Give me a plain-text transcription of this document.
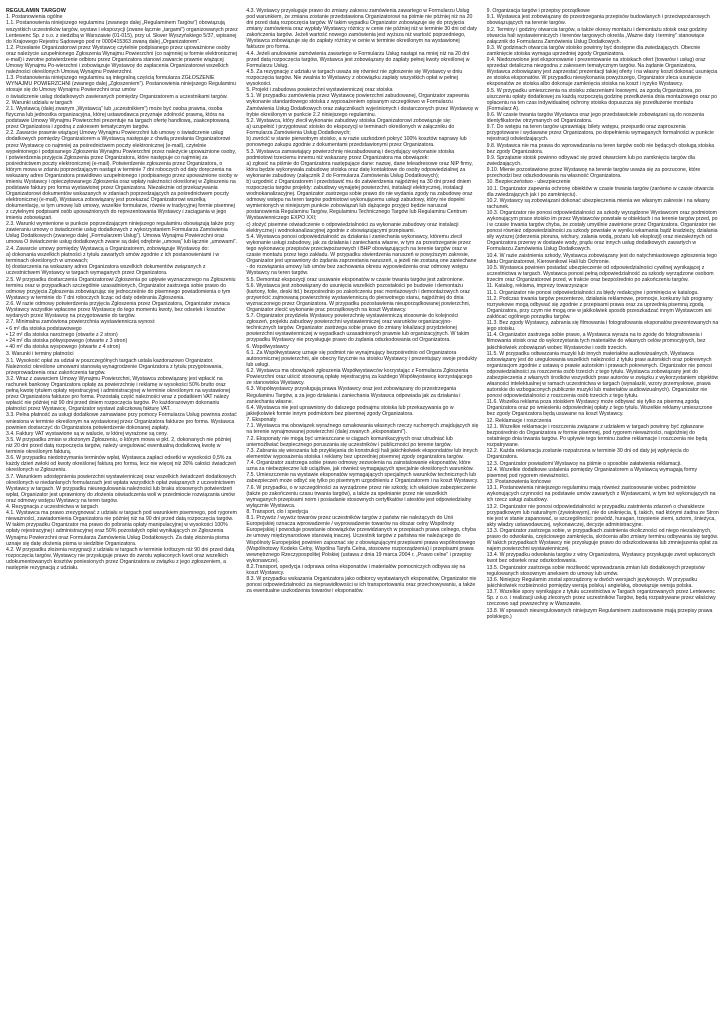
REGULAMIN TARGÓW

1. Postanowienia ogólne

1.1. Postanowienia niniejszego regulaminu (zwanego dalej „Regulaminem Targów”) obowiązują wszystkich uczestników targów, wystaw i ekspozycji (zwane łącznie „targami”) organizowanych przez Lentewenc Sp. z o.o. z siedzibą w Warszawie (01-015), przy ul. Skwer Wyszyńskiego 5/37, wpisanej do Krajowego Rejestru Sądowego pod nr 0000415363 zwaną dalej „Organizatorem”.

1.2. Przesłanie Organizatorowi przez Wystawcę czytelnie podpisanego przez upoważnione osoby oraz należycie uzupełnionego Zgłoszenia Wynajmu Powierzchni (co najmniej w formie elektronicznej e-mail) i zwrotne potwierdzenie odbioru przez Organizatora stanowi zawarcie prawnie wiążącej Umowy Wynajmu Po-wierzchni i zobowiązuje Wystawcę do zapłacenia Organizatorowi wszelkich należności określonych Umową Wynajmu Powierzchni.

1.3. Postanowienia niniejszego regulaminu są integralną częścią formularza ZGŁOSZENIE WYNAJMU POWIERZCHNI (zwanego dalej „Zgłoszeniem”). Postanowienia niniejszego Regulaminu stosuje się do Umowy Wynajmu Powierzchni oraz umów

o świadczenie usług dodatkowych zawieranych pomiędzy Organizatorem a uczestnikami targów.

2. Warunki udziału w targach

2.1. Wystawcą (dalej zwanym „Wystawcą” lub „uczestnikiem”) może być osoba prawna, osoba fizyczna lub jednostka organizacyjna, której ustawodawca przyznaje zdolność prawną, która na podstawie Umowy Wynajmu Powierzchni prezentuje na targach ofertę handlową, zaakceptowaną przez Organizatora i zgodną z zakresem tematycznym targów.

2.2. Zawarcie prawnie wiążącej Umowy Wynajmu Powierzchni lub umowy o świadczenie usług dodatkowych pomiędzy Organizatorem a Wystawcą następuje z chwilą przesłania Organizatorowi przez Wystawcę co najmniej za pośrednictwem poczty elektronicznej (e-mail), czytelnie wypełnionego i podpisanego Zgłoszenia Wynajmu Powierzchni przez należycie upoważnione osoby, i potwierdzenia przyjęcia Zgłoszenia przez Organizatora, które następuje co najmniej za pośrednictwem poczty elektronicznej (e-mail). Potwierdzenie zgłoszenia przez Organizatora, o którym mowa w zdaniu poprzedzającym nastąpi w terminie 7 dni roboczych od daty doręczenia na wskazany adres Organizatora prawidłowo uzupełnionego i podpisanego przez upoważnione osoby w imieniu Wystawcy i opieczętowanego Zgłoszenia oraz wpłaty należności określonej w Zgłoszeniu na podstawie faktury pro forma wystawionej przez Organizatora. Niezależnie od przekazywania Organizatorowi dokumentów wskazanych w zdaniach poprzedzających za pośrednictwem poczty elektronicznej (e-mail), Wystawca zobowiązany jest przekazać Organizatorowi wszelką dokumentację, w tym umowę lub umowy, wszelkie formularze, równie w tradycyjnej formie pisemnej z czytelnymi podpisami osób upoważnionych do reprezentowania Wystawcy i zaciągania w jego imieniu zobowiązań.

2.3. Warunki wymienione w punkcie poprzedzającym niniejszego regulaminu obowiązują także przy zawieraniu umowy o świadczenie usług dodatkowych z wykorzystaniem Formularza Zamówienia Usług Dodatkowych (zwanego dalej „Formularzem Usług”). Umowa Wynajmu Powierzchni oraz umowa O świadczenie usług dodatkowych zwane są dalej odrębnie „umową” lub łącznie „umowami”.

2.4. Zawarcie umowy pomiędzy Wystawcą a Organizatorem, zobowiązuje Wystawcę do:

a) dokonania wszelkich płatności z tytułu zawartych umów zgodnie z ich postanowieniami i w terminach określonych w umowach;

b) dostarczenia na wskazany adres Organizatora wszelkich dokumentów związanych z uczestnictwem Wystawcy w targach wymaganych przez Organizatora.

2.5. W przypadku dostarczenia Organizatorowi Zgłoszenia po upływie wyznaczonego na Zgłoszeniu terminu oraz w przypadkach szczególnie uzasadnionych, Organizator zastrzega sobie prawo do odmowy przyjęcia Zgłoszenia zobowiązując się jednocześnie do pisemnego powiadomienia o tym Wystawcy w terminie do 7 dni roboczych licząc od daty odebrania Zgłoszenia.

2.6. W razie odmowy potwierdzenia przyjęcia Zgłoszenia przez Organizatora, Organizator zwraca Wystawcy wszystkie wpłacone przez Wystawcę do tego momentu kwoty, bez odsetek i kosztów wydanych przez Wystawcę na przygotowanie do targów.

2.7. Minimalna zamówiona powierzchnia wystawiennicza wynosi:

• 6 m² dla stoiska podstawowego
• 12 m² dla stoiska narożnego (otwarte z 2 stron)
• 24 m² dla stoiska półwyspowego (otwarte z 3 stron)
• 40 m² dla stoiska wyspowego (otwarte z 4 stron)

3. Warunki i terminy płatności

3.1. Wysokość opłat za udział w poszczególnych targach ustala kazdorazowo Organizator. Należności określone umowami stanowią wynagrodzenie Organizatora z tytułu przygotowania, przeprowadzenia oraz zakończenia targów.

3.2. Wraz z zawarciem Umowy Wynajmu Powierzchni, Wystawca zobowiązany jest wpłacić na rachunek bankowy Organizatora opłatę za powierzchnię i reklamę w wysokości 50% brutto oraz pełną kwotę tytułem opłaty rejestracyjnej i administracyjnej w terminie określonym na wystawionej przez Organizatora fakturze pro forma. Pozostałą część należności wraz z podatkiem VAT należy wpłacić nie później niż 90 dni przed dniem rozpoczęcia targów. Po każdorazowym dokonaniu płatności przez Wystawcę, Organizator wystawi zaliczkową fakturę VAT.

3.3. Pełna płatność za usługi dodatkowe zamawiane przy pomocy Formularza Usług powinna zostać wniesiona w terminie określonym na wystawionej przez Organizatora fakturze pro forma. Wystawca powinien dostarczyć do Organizatora potwierdzenie dokonanej zapłaty.

3.4. Faktury VAT wystawione są w walucie, w której wyrażone są ceny.

3.5. W przypadku zmian w złożonym Zgłoszeniu, o którym mowa w pkt. 2, dokonanych nie później niż 20 dni przed datą rozpoczęcia targów, należy uregulować ewentualną dodatkową kwotę w terminie określonym fakturą.

3.6. W przypadku niedotrzymania terminów wpłat, Wystawca zapłaci odsetki w wysokości 0,5% za każdy dzień zwłoki od kwoty określonej fakturą pro forma, lecz nie więcej niż 30% całości świadczeń określonych w Zgłoszeniu.

3.7. Warunkiem udostępnienia powierzchni wystawienniczej oraz wszelkich świadczeń dodatkowych określonych w niedanlanych formularzach jest wpłata wszystkich opłat związanych z uczestnictwem Wystawcy w targach. W przypadku nieuregulowania należności lub braku stosownych potwierdzeń wpłat, Organizator jest uprawniony do złożenia oświadczenia woli w przedmiocie rozwiązania umów oraz odmowy wstępu Wystawcy na teren targów.

4. Rezygnacja z uczestnictwa w targach

4.1. Wystawca ma prawo zrezygnować z udziału w targach pod warunkiem pisemnego, pod rygorem nieważności, zawiadomienia Organizatora nie później niż na 90 dni przed datą rozpoczęcia targów. W takim przypadku Organizator ma prawo do pobrania opłaty manipulacyjnej w wysokości 100% opłaty rejestracyjnej i administracyjnej oraz 50% pozostałych opłat wynikających ze Zgłoszenia Wynajmu Powierzchni oraz Formularza Zamówienia Usług Dodatkowych. Za datę złożenia pisma uznaje się datę złożenia pisma w siedzibie Organizatora.

4.2. W przypadku złożenia rezygnacji z udziału w targach w terminie krótszym niż 90 dni przed datą rozpoczęcia targów, Wystawcy nie przysługuje prawo do zwrotu wpłaconych kwot oraz wszelkich udokumentowanych kosztów poniesionych przez Organizatora w związku z jego zgłoszeniem, a następnie rezygnacją z udziału.

4.3. Wystawcy przysługuje prawo do zmiany zakresu zamówienia zawartego w Formularzu Usług pod warunkiem, że zmiana zostanie przedstawiona Organizatorowi na piśmie nie później niż na 20 dni przed datą rozpoczęcia targów. W takim wypadku Organizator zobowiązuje się do przyjęcia zmiany zamówienia oraz wypłaty Wystawcy różnicy w cenie nie później niż w terminie 30 dni od daty zakończenia targów. Jeżeli wartość nowego zamówienia jest wyższa niż wartość poprzedniego, Wystawca zobowiązuje się do zapłaty różnicy w cenie w terminie określonym na wystawionej fakturze pro forma.

4.4. Jeżeli anulowanie zamówienia zawartego w Formularzu Usług nastąpi na mniej niż na 20 dni przed datą rozpoczęcia targów, Wystawca jest zobowiązany do zapłaty pełnej kwoty określonej w Formularzu Usług.

4.5. Za rezygnację z udziału w targach uważa się również nie zgłoszenie się Wystawcy w dniu rozpoczęcia targów. Nie zwalnia to Wystawcy z obowiązku zapłaty wszystkich opłat w pełnej wysokości.

5. Projekt i zabudowa powierzchni wystawienniczej oraz stoiska

5.1. W przypadku zamówienia przez Wystawcę powierzchni zabudowanej, Organizator zapewnia wykonanie standardowego stoiska z wyposażeniem opisanym szczegółowo w Formularzu Zamówienia Usług Dodatkowych oraz załącznikach wyjeśnionych i dostarczonych przez Wystawcę w trybie określonym w punkcie 2.2 niniejszego regulaminu.

5.2. Wystawca, który zlecił wykonanie zabudowy stoiska Organizatorowi zobowiązuje się:

a) uzupełnić i przygotować stoisko do ekspozycji w terminach określonych w załączniku do Formularza Zamówienia Usług Dodatkowych;

b) zwrócić w stanie pierwotnym stoisko, a w razie uszkodzeń pokryć 100% kosztów naprawy lub ponownego zakupu zgodnie z dokumentami przedstawionymi przez Organizatora.

5.3. Wystawca zamawiający powierzchnię niezabudowaną i decydujący wykonanie stoiska podmiotowi trzeciemu innemu niż wskazany przez Organizatora ma obowiązek:

a) zgłosić na piśmie do Organizatora następujące dane: nazwę, dane teleadresowe oraz NIP firmy, która będzie wykonywała zabudowę stoiska oraz datę kontaktowe do osoby odpowiedzialnej za wykonanie zabudowy (załącznik 2 do Formularza Zamówienia Usług Dodatkowych);

b) uzgodnić z Organizatorem i przedstawić mu do zatwierdzenia najpóźniej na 30 dni przed dniem rozpoczęcia targów projekty: zabudowy wynajętej powierzchni, instalacji elektrycznej, instalacji wodnokanalizacyjnej. Organizator zastrzega sobie prawo do nie wydania zgody na zabudowę oraz odmowy wstępu na teren targów podmiotowi wykonującemu usługi zabudowy, który nie dopełni wymienionych w niniejszym punkcie zobowiązań lub dążącego przyjęci będzie naruszał postanowienia Regulaminu Targów, Regulaminu Technicznego Targów lub Regulaminu Centrum Wystawienniczego EXPO XXI;

c) złożyć pisemne oświadczenie o odpowiedzialności za wykonanie zabudowy oraz instalacji elektrycznej i wodnokanalizacyjnej zgodnie z obowiązującymi przepisami.

5.4. Wystawca ponosi odpowiedzialność za działania i zaniechania wykonawcy, któremu zlecił wykonanie usługi zabudowy, jak za działania i zaniechania własne, w tym za przestrzeganie przez tego wykonawcę przepisów przeciwpożarowych i BHP obowiązujących na terenie targów oraz w czasie montażu przez tego zakładu. W przypadku stwierdzenia naruszeń w powyższym zakresie, Organizator jest uprawniony do żądania zaprzestania naruszeń, a jeżeli nie zostaną one zaniechane - do rozwiązania umowy lub umów bez zachowania okresu wypowiedzenia oraz odmowy wstępu Wystawcy na teren targów.

5.5. Demontaż ekspozycji oraz usuwanie eksponatów w czasie trwania targów jest zabronione.

5.6. Wystawca jest zobowiązany do usunięcia wszelkich pozostałości po budowie i demontażu (kartony, folie, deski itd.) bezpośrednio po zakończeniu prac montażowych i demontażowych oraz przywrócić zajmowaną powierzchnię wystawienniczą do pierwotnego stanu, najpóźniej do dnia wyznaczonego przez Organizatora. W przypadku pozostawienia nieuporządkowanej powierzchni, Organizator zlecić wykonanie prac porządkowych na koszt Wystawcy.

5.7. Organizator przydzieła Wystawcy powierzchnię wystawienniczą stosownie do kolejności zgłoszeń, projektu zabudowy powierzchni wystawienniczej oraz warunków organizacyjno-technicznych targów. Organizator zastrzega sobie prawo do zmiany lokalizacji przydzielonej powierzchni wystawienniczej w wypadkach uzasadnionych prawnie lub organizacyjnych. W takim przypadku Wystawcy nie przysługuje prawo do żądania odszkodowania od Organizatora.

6. Współwystawcy

6.1. Za Współwystawcę uznaje się podmiot nie wynajmujący bezpośrednio od Organizatora autonomicznej powierzchni, ale obecny fizycznie na stoisku Wystawcy i prezentujący swoje produkty lub usługi.

6.2. Wystawca ma obowiązek zgłoszenia Współwystawców korzystając z Formularza Zgłoszenia Powierzchni oraz uiścić stosowną opłatę rejestracyjną za każdego Współwystawcę korzystającego ze stanowiska Wystawcy.

6.3. Współwystawcy przysługują prawa Wystawcy oraz jest zobowiązany do przestrzegania Regulaminu Targów, a za jego działania i zaniechania Wystawca odpowiada jak za działania i zaniechania własne.

6.4. Wystawca nie jest uprawniony do dalszego podnajmu stoiska lub przekazywania go w jakiejkolwiek formie innym podmiotom bez pisemnej zgody Organizatora.

7. Eksponaty

7.1. Wystawca ma obowiązek wyraźnego oznakowania własnych rzeczy ruchomych znajdujących się na terenie wynajmowanej powierzchni (dalej zwanych „eksponatami”).

7.2. Eksponaty nie mogą być umieszczane w ciągach komunikacyjnych oraz utrudniać lub uniemożliwiać bezpiecznego poruszania się uczestników i publiczności po terenie targów.

7.3. Zabrania się wieszania lub przyklejania do konstrukcji hali jakichkolwiek ekspondatów lub innych elementów wyposażenia stoiska i reklamy bez uprzedniej pisemnej zgody organizatora targów.

7.4. Organizator zastrzega sobie prawo odmowy zezwolenia na zainstalowanie eksponatów, które uzna za niebezpieczne lub uciążliwe, jak również wymagających specjalnie określonych warunków.

7.5. Umieszczenie na wystawie eksponatów wymagających specjalnych warunków technicznych lub zabezpieczeń może odbyć się tylko po pisemnym uzgodnieniu z Organizatorem i na koszt Wystawcy.

7.6. W przypadku, o w szczególności za wyrządzone przez nie szkody, ich właściwe zabezpieczenie (także po zakończeniu czasu trwania targów), a także za spełnianie przez nie wszelkich wymaganych przepisami norm i posiadanie stosownych certyfikatów i atestów jest odpowiedzialny wyłącznie Wystawca.

8. Transport, cło i spedycja

8.1. Przywóz / wywóz towarów przez uczestników targów z państw nie należących do Unii Europejskiej oznacza wprowadzenie / wyprowadzenie towarów na obszar celny Wspólnoty Europejskiej i powoduje powstanie obowiązków przewidzianych w przepisach prawa celnego, chyba że umowy międzynarodowe stanowią inaczej. Uczestnik targów z państwa nie należącego do Wspólnoty Europejskiej powinien zapoznać się z obowiązującymi przepisami prawa wspólnotowego (Wspólnotowy Kodeks Celny, Wspólna Taryfa Celna, stosowne rozporządzenia) i przepisami prawa wewnętrznego Rzeczypospolitej Polskiej (ustawa z dnia 19 marca 2004 r. „Prawo celne” i przepisy wykonawcze).

8.2.Transport, spedycja i odprawa celna eksponatów i materiałów pomocniczych odbywa się na koszt Wystawcy.

8.3. W przypadku wskazania Organizatora jako odbiorcy wystawianych eksponatów, Organizator nie ponosi odpowiedzialności za nieprawidłowości w ich transportowaniu oraz przechowywaniu, a także za ewentualne uszkodzenia towarów i eksponatów.

9. Organizacja targów i przepisy porządkowe

9.1. Wystawca jest zobowiązany do przestrzegania przepisów budowlanych i przeciwpożarowych obowiązujących na terenie targów.

9.2. Terminy i godziny otwarcia targów, a także okresy montażu i demontażu stoisk oraz godziny otwarcia hali wystawienniczych i terenów targowych określa „Ważne daty i terminy” stanowiące załącznik do Formularza Zamówienia Usług Dodatkowych.

9.3. W godzinach otwarcia targów stoisko powinny być dostępne dla zwiedzających. Obecnie zamknięcie stoiska wymaga uprzedniej zgody Organizatora.

9.4. Niedozwolone jest eksponowanie i prezentowanie na stoiskach ofert (towarów i usług) oraz sprzedaż detaliczna niezgodna z zakresem tematycznym targów. Na żądanie Organizatora, Wystawca zobowiązany jest zaprzestać prezentacji takiej oferty i na własny koszt dokonać usunięcia ze stoiska eksponatów. W przypadku niewykonania powyższego, Organizator zleca usunięcie eksponatów ze stoiska albo dokonuje zamknięcia stoiska na koszt i ryzyko Wystawcy.

9.5. W przypadku umieszczenia na stoisku zdarzeniami losowymi, za zgodą Organizatora, po uiszczeniu opłaty dodatkowej za każdą rozpoczętą godzinę przedłużenia dnia montażowego oraz po opłaceniu na ten czas indywidualnej ochrony stoiska dopuszcza się przedłużenie montażu (Formularz A).

9.6. W czasie trwania targów Wystawca oraz jego przedstawiciele zobowiązani są do noszenia identyfikatorów otrzymanych od Organizatora.

9.7. Do wstępu na teren targów uprawniają: bilety wstępu, przepustki oraz zaproszenia przygotowane i wydawane przez Organizatora, po dopełnieniu wymaganych formalności w punkcie rejestracji odwiedzających.

9.8. Wystawca nie ma prawa do wprowadzania na teren targów osób nie będących obsługą stoiska bez zgody Organizatora.

9.9. Sprzątanie stoisk powinno odbywać się przed otwarciem lub po zamknięciu targów dla zwiedzających.

9.10. Mienie pozostawione przez Wystawcę na terenie targów uważa się za porzucone, które przechodzi bez odszkodowania na własność Organizatora.

10. Bezpieczeństwo - ubezpieczenie

10.1. Organizator zapewnia ochronę obiektów w czasie trwania targów (zarówno w czasie otwarcia dla zwiedzających jak i po zamknięciu).

10.2. Wystawcy są zobowiązani dokonać ubezpieczenia mienia we własnym zakresie i na własny rachunek.

10.3. Organizator nie ponosi odpowiedzialności za szkody wyrządzone Wystawcom oraz podmiotom wykonującym prace stoisko im przez Wystawców powstałe w obiektach i na terenie targów przed, po i w czasie trwania targów chyba, że zostały umyślnie zawinione przez Organizatora. Organizator nie ponosi również odpowiedzialności za szkody powstałe w wyniku wkamania bądź kradzieży, działania siły wyższej (zderzenia pioruna, wichury, zalania wodą, pożaru lub eksplozji) oraz niezależnych od Organizatora przerwy w dostawie wody, prądu oraz innych usług dodatkowych zawartych w Formularzu Zamówienia Usług Dodatkowych.

10.4. W razie zaistnienia szkody, Wystawca zobowiązany jest do natychmiastowego zgłoszenia tego faktu Organizatorowi, Kierownikowi Hali lub Ochronie.

10.5. Wystawca powinien posiadać ubezpieczenie od odpowiedzialności cywilnej wynikającej z uczestnictwa w targach. Wystawca ponosi pełną odpowiedzialność za szkody wyrządzone osobom trzecim oraz Organizatorowi przed, w trakcie oraz bezpośrednio po zakończeniu targów.

11. Katalog, reklama, imprezy towarzyszące

11.1. Organizator nie ponosi odpowiedzialności za błędy redakcyjne i pominięcia w katalogu.

11.2. Podczas trwania targów prezenterze, działania reklamowe, promocje, konkursy lub programy rozrywkowe mogą odbywać się zgodnie z przepisami prawa oraz za uprzednią pisemną zgodą Organizatora, przy czym nie mogą one w jakikolwiek sposób przeszkadzać innym Wystawcom ani zakłócać ogólnego porządku targów.

11.3. Bez zgody Wystawcy, zabrania się filmowania i fotografowania eksponatów prezentowanych na jego stoisku.

11.4. Organizator zastrzega sobie prawo, a Wystawca wyraża na to zgodę do fotografowania i filmowania stoisk oraz do wykorzystania tych materiałów do własnych celów promocyjnych, bez jakichkolwiek zobowiązań wobec Wystawców i osób trzecich.

11.5. W przypadku odtwarzania muzyki lub innych materiałów audiowizualnych, Wystawca zobowiązany jest do uregulowania wszelkich należności z tytułu praw autorskich oraz pokrewnych organizacjom zgodnie z ustawą o prawie autorskim i prawach pokrewnych. Organizator nie ponosi odpowiedzialności za roszczenia osób trzecich z tego tytułu. Wystawca zobowiązany jest do zabezpieczenia z własnych środków wszystkich praw autorów w związku z wykorzystaniem objektów własności intelektualnej w ramach uczestnictwa w targach (wynalazki, wzory przemysłowe, prawa autorskie do wzbogaconych publicznie muzyki lub materiałów audiowizualnych). Organizator nie ponosi odpowiedzialności z roszczenia osób trzecich z tego tytułu.

11.6. Wszelka reklama poza stoiskiem Wystawcy może odbywać się tylko za pisemną zgodą Organizatora oraz po wniesieniu odpowiedniej opłaty z tego tytułu. Wszelkie reklamy umieszczone bez zgody Organizatora będą usuwane na koszt Wystawcy.

12. Reklamacje i roszczenia

12.1. Wszelkie reklamacje i roszczenia związane z udziałem w targach powinny być zgłaszane bezpośrednio do Organizatora w formie pisemnej, pod rygorem nieważności, najpóźniej do ostatniego dnia trwania targów. Po upływie tego terminu żadne reklamacje i roszczenia nie będą rozpatrywane.

12.2. Każda reklamacja zostanie rozpatrzona w terminie 30 dni od daty jej wpłynięcia do Organizatora.

12.3. Organizator powiadomi Wystawcę na piśmie o sposobie załatwienia reklamacji.

12.4. Wszelkie dodatkowe ustalenia pomiędzy Organizatorem a Wystawcą wymagają formy pisemnej pod rygorem nieważności.

13. Postanowienia końcowe

13.1. Postanowienia niniejszego regulaminu mają również zastosowanie wobec podmiotów wykonujących czynności na podstawie umów zawartych z Wystawcami, w tym też wykonujących na ich rzecz usługi zabudowy.

13.2. Organizator nie ponosi odpowiedzialności w przypadku zaistnienia zdarzeń o charakterze przypadkowym lub naturalnym (żywiołowym), nie do uniknięcia, tj. takich, nad którymi żadna ze Stron nie jest w stanie zapanować, w szczególności: powódź, huragan, trzęsienie ziemi, sztorm, śnieżyca, akty władzy ustawodawczej, wykonawczej, decyzje administracyjne.

13.3. Organizator zastrzega sobie, w przypadkach zaistnienia okoliczności od niego niezależnych, prawo do odwołania, częściowego zamknięcia, skrócenia albo zmiany terminu odbywania się targów. W takich przypadkach Wystawcy nie przysługuje prawo do odszkodowania lub zmniejszenia opłat za najem powierzchni wystawienniczej.

13.4. W przypadku odwołania targów z winy Organizatora, Wystawcy przysługuje zwrot wpłaconych kwot bez odsetek oraz odszkodowania.

13.5. Organizator zastrzega sobie możliwość wprowadzania zmian lub dodatkowych przepisów regulowanych stosownym aneksem do umowy lub umów.

13.6. Niniejszy Regulamin został sporządzony w dwóch wersjach językowych. W przypadku jakichkolwiek rozbieżności pomiędzy wersją polską i angielską, obowiązuje wersja polska.

13.7. Wszelkie spory wynikające z tytułu uczestnictwa w Targach organizowanych przez Lentewenc Sp. z o.o. i realizacji usług zleconych przez uczestników Targów, będą rozpatrywane przez właściwy rzeczowo sąd powszechny w Warszawie.

13.8. W sprawach nieuregulowanych niniejszym Regulaminem zastosowanie mają przepisy prawa polskiego.)
